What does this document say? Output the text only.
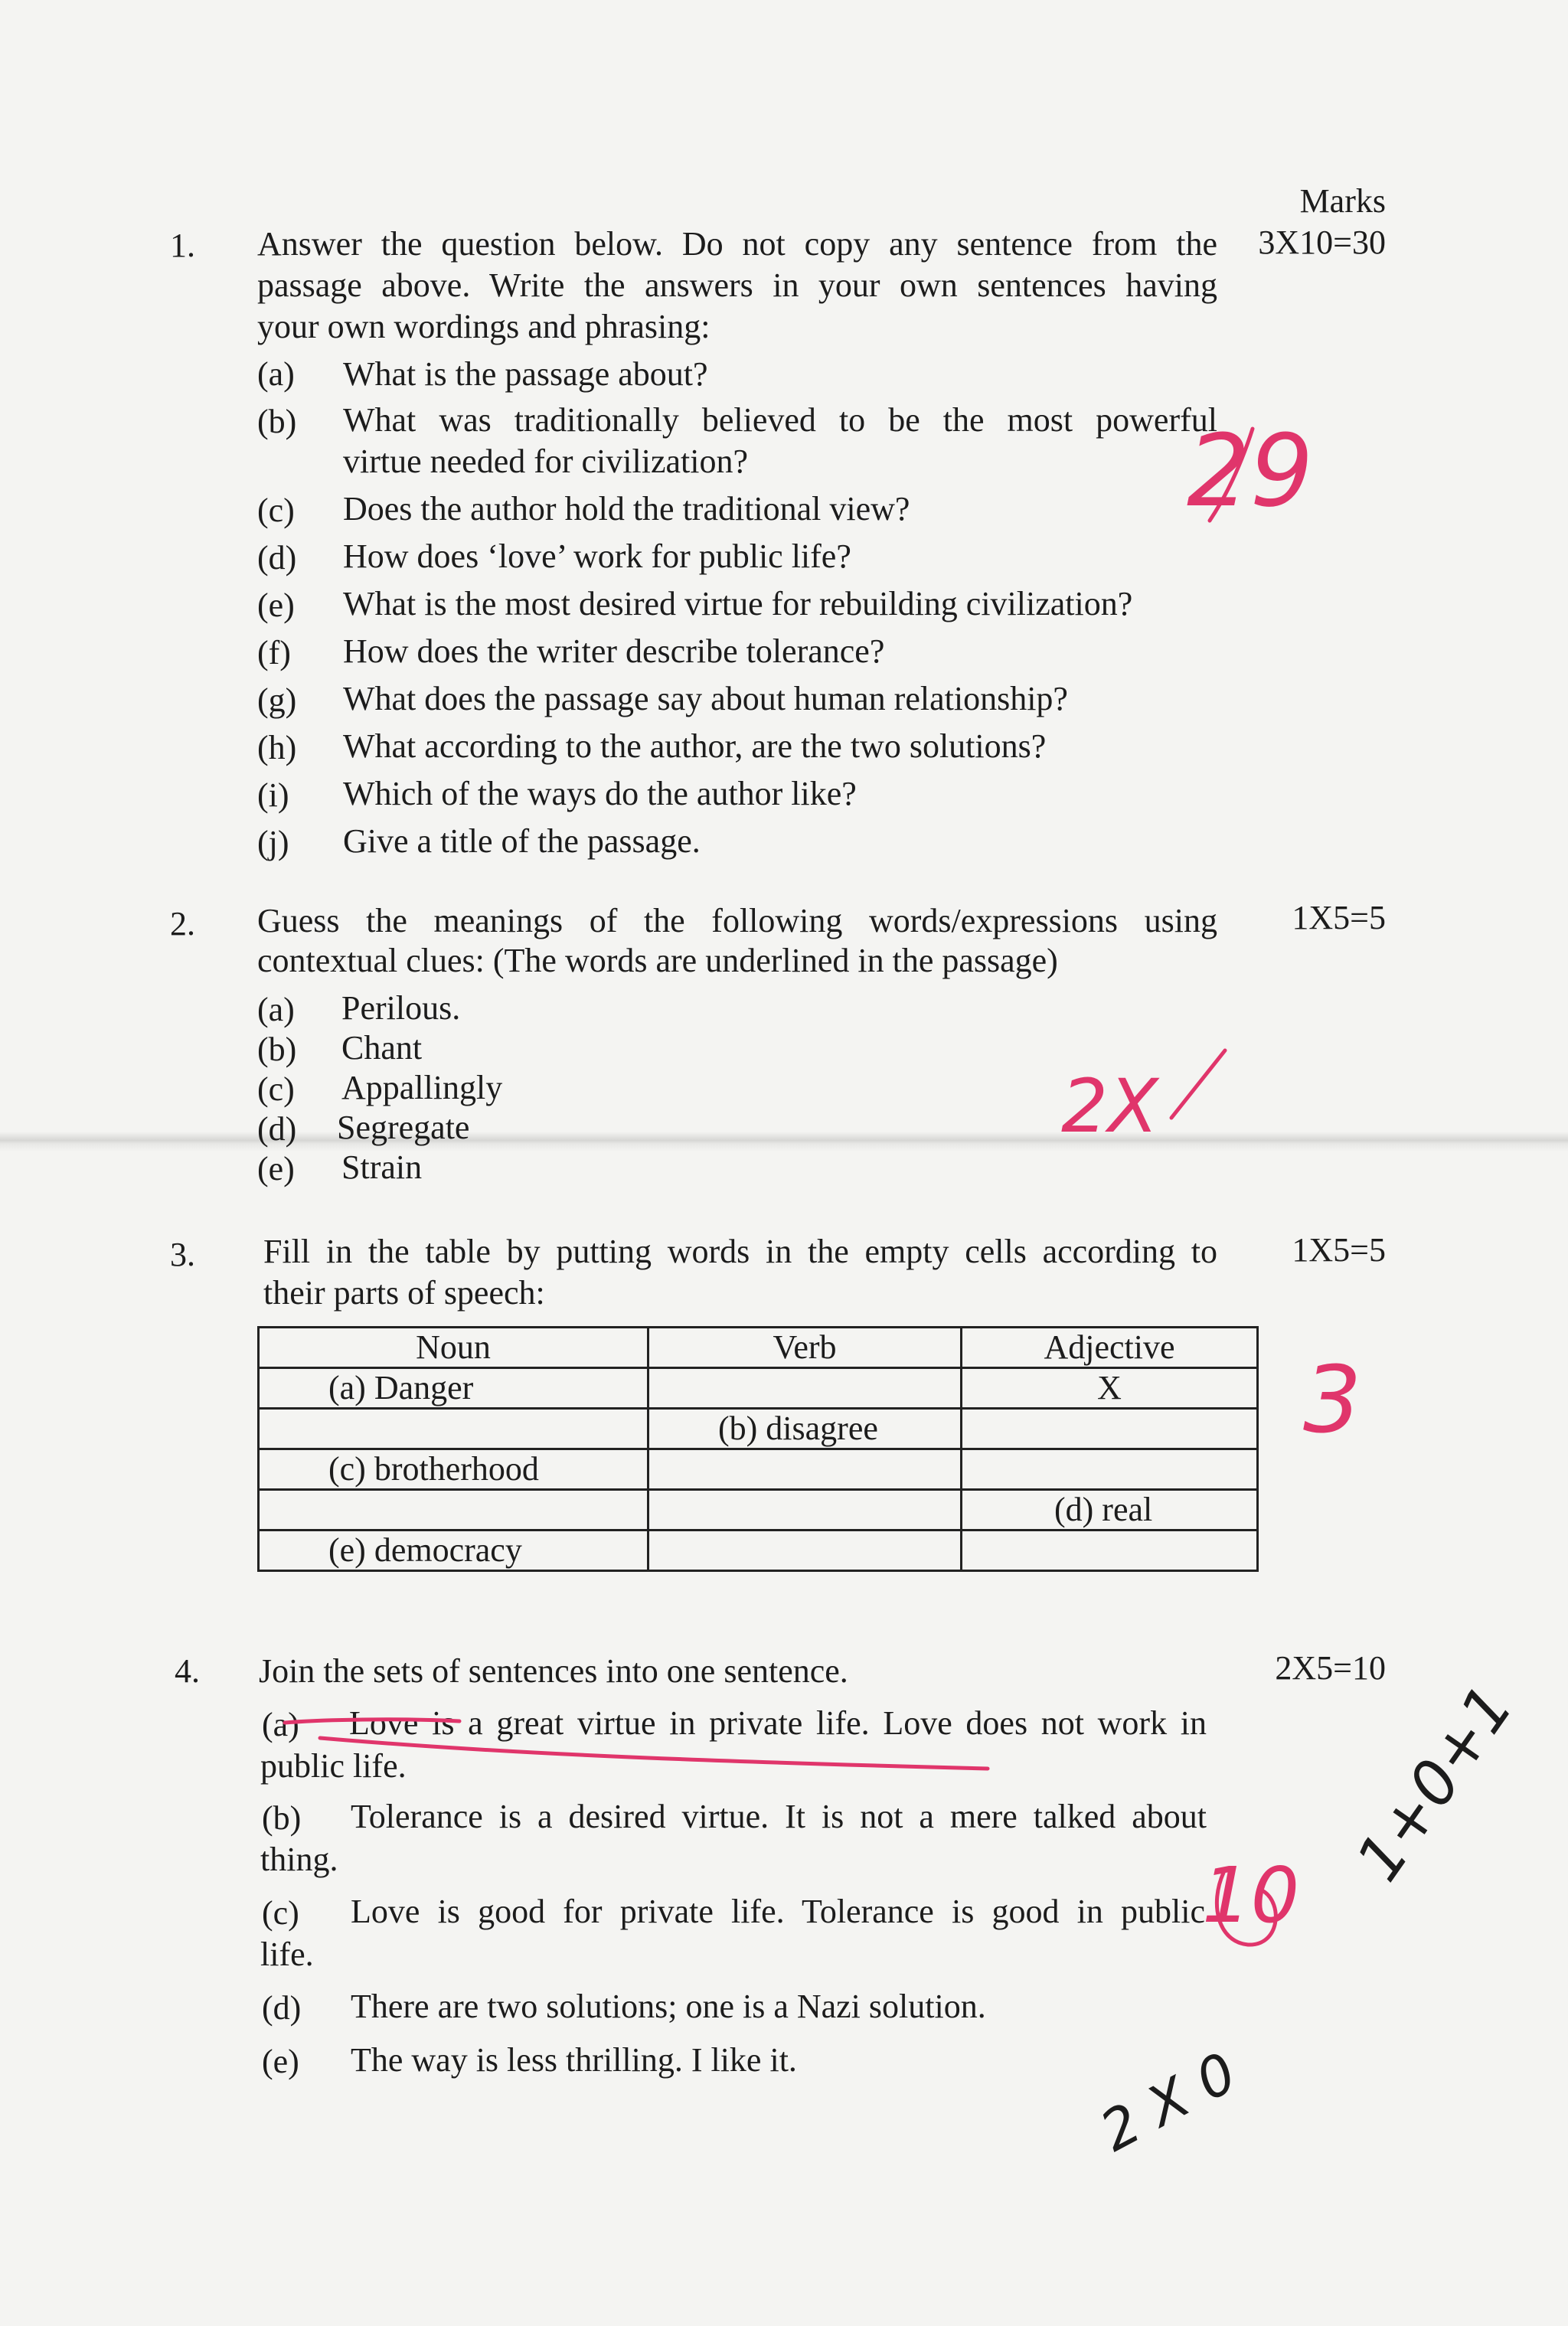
Marks
1.	3X10=30
Answer the question below. Do not copy any sentence from the
passage above. Write the answers in your own sentences having
your own wordings and phrasing:
(a) What is the passage about?
(b) What was traditionally believed to be the most powerful
virtue needed for civilization?
(c) Does the author hold the traditional view?
(d) How does ‘love’ work for public life?
(e) What is the most desired virtue for rebuilding civilization?
(f) How does the writer describe tolerance?
(g) What does the passage say about human relationship?
(h) What according to the author, are the two solutions?
(i) Which of the ways do the author like?
(j) Give a title of the passage.
2.	1X5=5
Guess the meanings of the following words/expressions using
contextual clues: (The words are underlined in the passage)
(a) Perilous.
(b) Chant
(c) Appallingly
(d) Segregate
(e) Strain
3.	1X5=5
Fill in the table by putting words in the empty cells according to
their parts of speech:
Noun	Verb	Adjective
(a) Danger		X
	(b) disagree	
(c) brotherhood		
		(d) real
(e) democracy		
4.	2X5=10
Join the sets of sentences into one sentence.
(a) Love is a great virtue in private life. Love does not work in
public life.
(b) Tolerance is a desired virtue. It is not a mere talked about
thing.
(c) Love is good for private life. Tolerance is good in public
life.
(d) There are two solutions; one is a Nazi solution.
(e) The way is less thrilling. I like it.
29
2X
3
10
1+0+1
2 X 0
